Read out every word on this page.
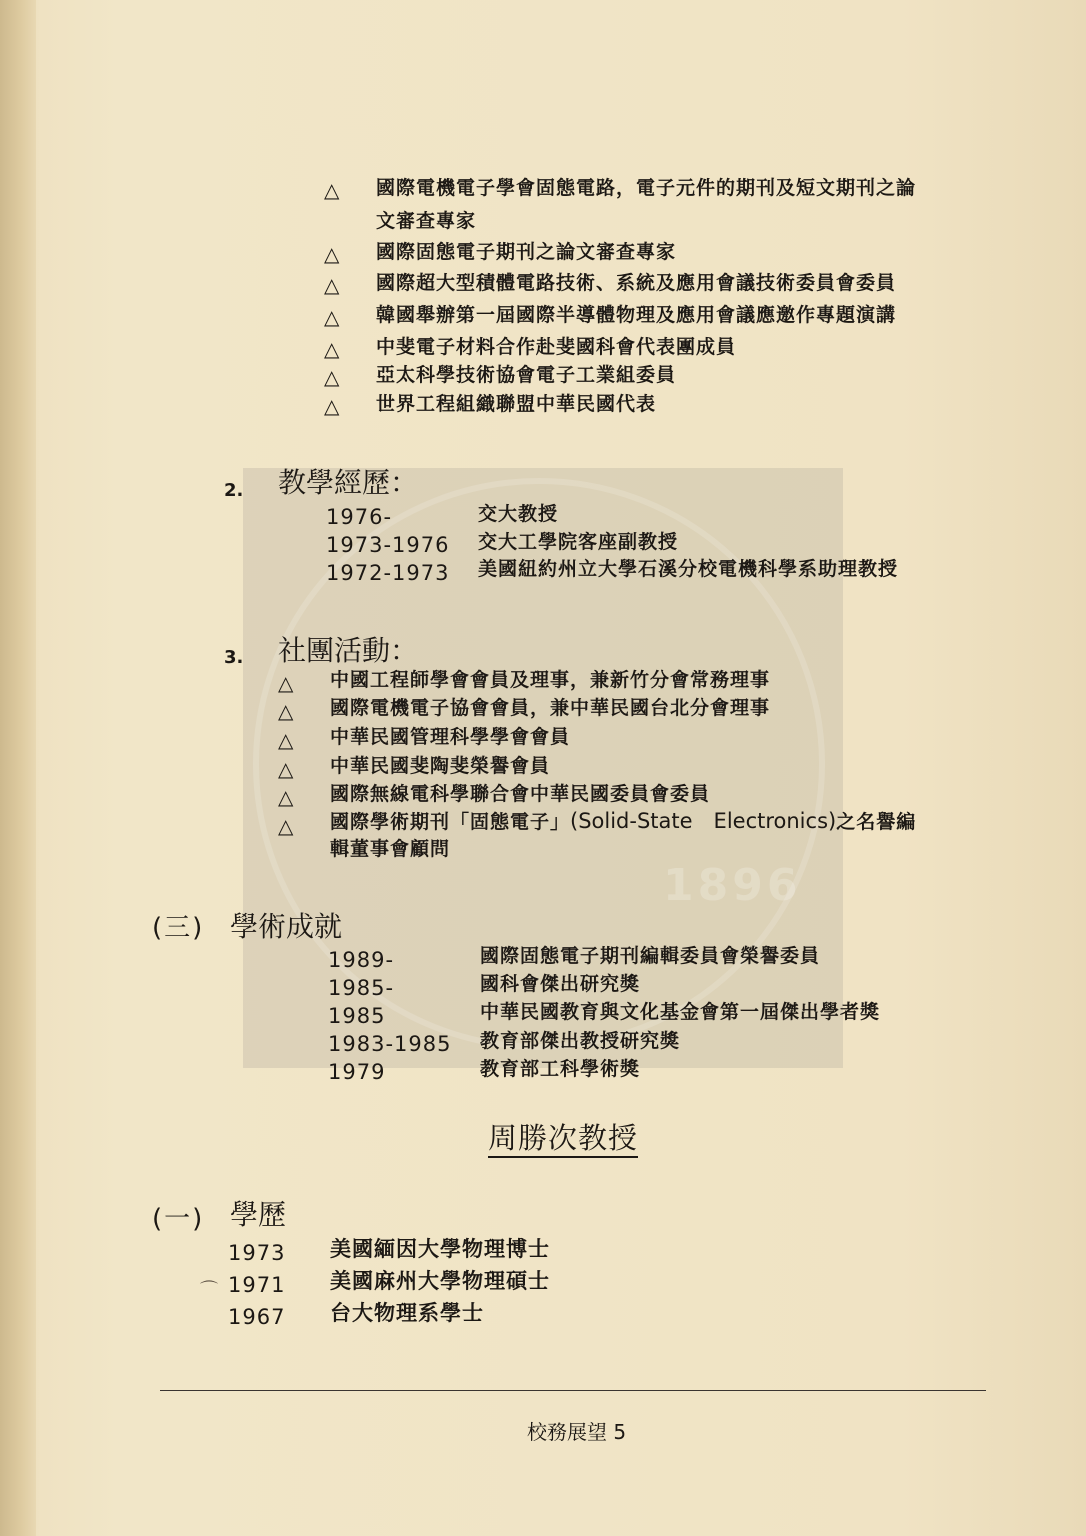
1896
△ 國際電機電子學會固態電路，電子元件的期刊及短文期刊之論
文審查專家
△ 國際固態電子期刊之論文審查專家
△ 國際超大型積體電路技術、系統及應用會議技術委員會委員
△ 韓國舉辦第一屆國際半導體物理及應用會議應邀作專題演講
△ 中斐電子材料合作赴斐國科會代表團成員
△ 亞太科學技術協會電子工業組委員
△ 世界工程組織聯盟中華民國代表
2. 教學經歷：
1976-	交大教授
1973-1976 交大工學院客座副教授
1972-1973 美國紐約州立大學石溪分校電機科學系助理教授
3. 社團活動：
△ 中國工程師學會會員及理事，兼新竹分會常務理事
△ 國際電機電子協會會員，兼中華民國台北分會理事
△ 中華民國管理科學學會會員
△ 中華民國斐陶斐榮譽會員
△ 國際無線電科學聯合會中華民國委員會委員
△ 國際學術期刊「固態電子」(Solid-State　Electronics)之名譽編
輯董事會顧問
(三) 學術成就
1989-	國際固態電子期刊編輯委員會榮譽委員
1985-	國科會傑出研究獎
1985	中華民國教育與文化基金會第一屆傑出學者獎
1983-1985 教育部傑出教授研究獎
1979	教育部工科學術獎
周勝次教授
(一) 學歷
1973 美國緬因大學物理博士
1971 美國麻州大學物理碩士
1967 台大物理系學士
⌒
校務展望 5
